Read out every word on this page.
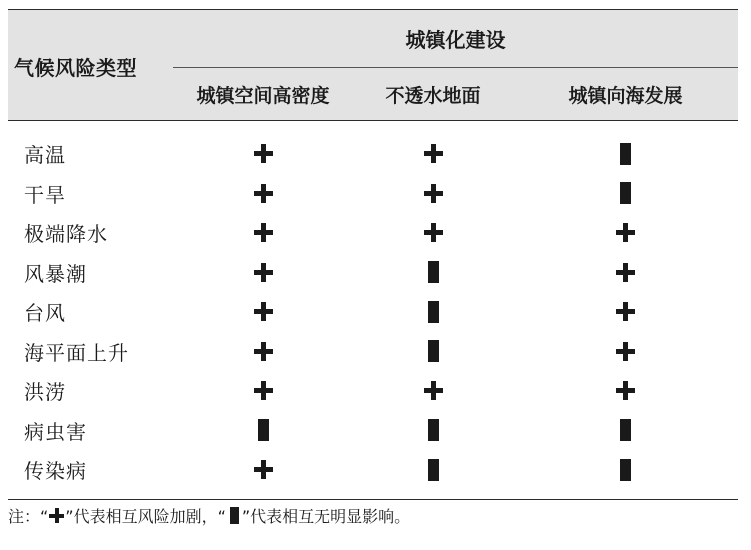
气候风险类型
城镇化建设
城镇空间高密度	不透水地面	城镇向海发展
高温
干旱
极端降水
风暴潮
台风
海平面上升
洪涝
病虫害
传染病
注：“ ”代表相互风险加剧，“ ”代表相互无明显影响。
